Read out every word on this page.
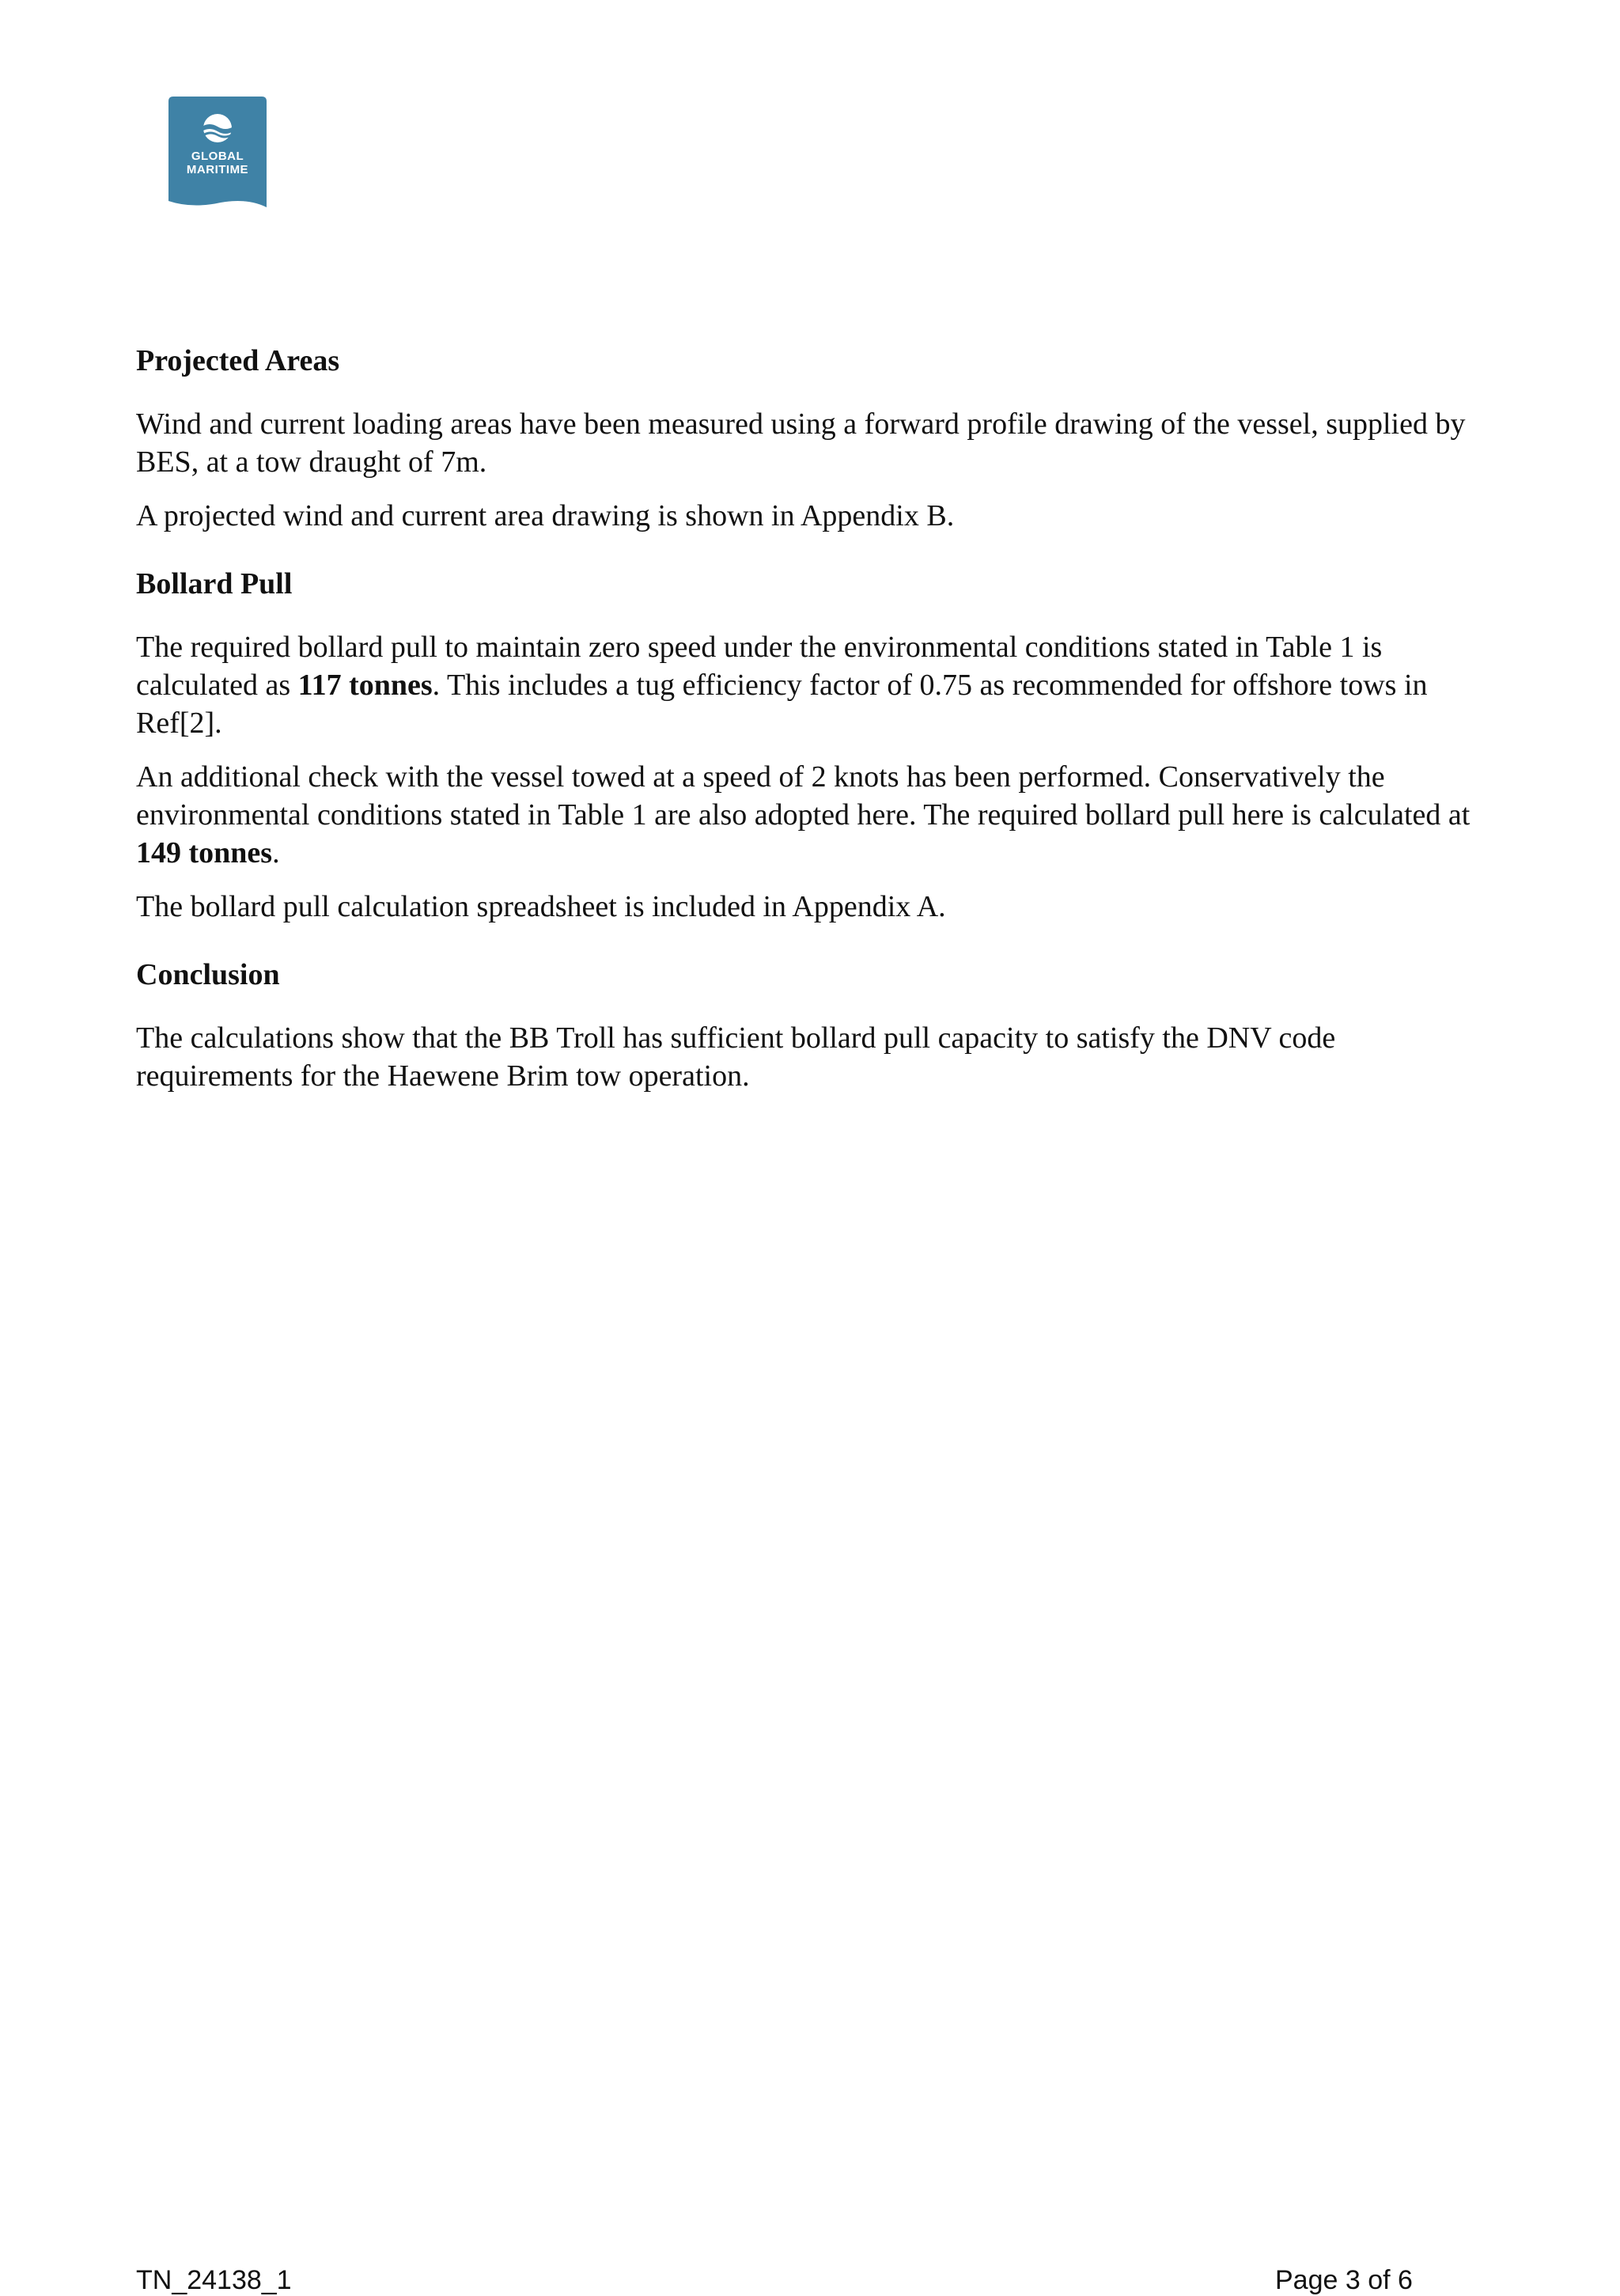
GLOBAL
MARITIME
Projected Areas

Wind and current loading areas have been measured using a forward profile drawing of the vessel, supplied by BES, at a tow draught of 7m.

A projected wind and current area drawing is shown in Appendix B.

Bollard Pull

The required bollard pull to maintain zero speed under the environmental conditions stated in Table 1 is calculated as 117 tonnes. This includes a tug efficiency factor of 0.75 as recommended for offshore tows in Ref[2].

An additional check with the vessel towed at a speed of 2 knots has been performed. Conservatively the environmental conditions stated in Table 1 are also adopted here. The required bollard pull here is calculated at 149 tonnes.

The bollard pull calculation spreadsheet is included in Appendix A.

Conclusion

The calculations show that the BB Troll has sufficient bollard pull capacity to satisfy the DNV code requirements for the Haewene Brim tow operation.

TN_24138_1	Page 3 of 6
